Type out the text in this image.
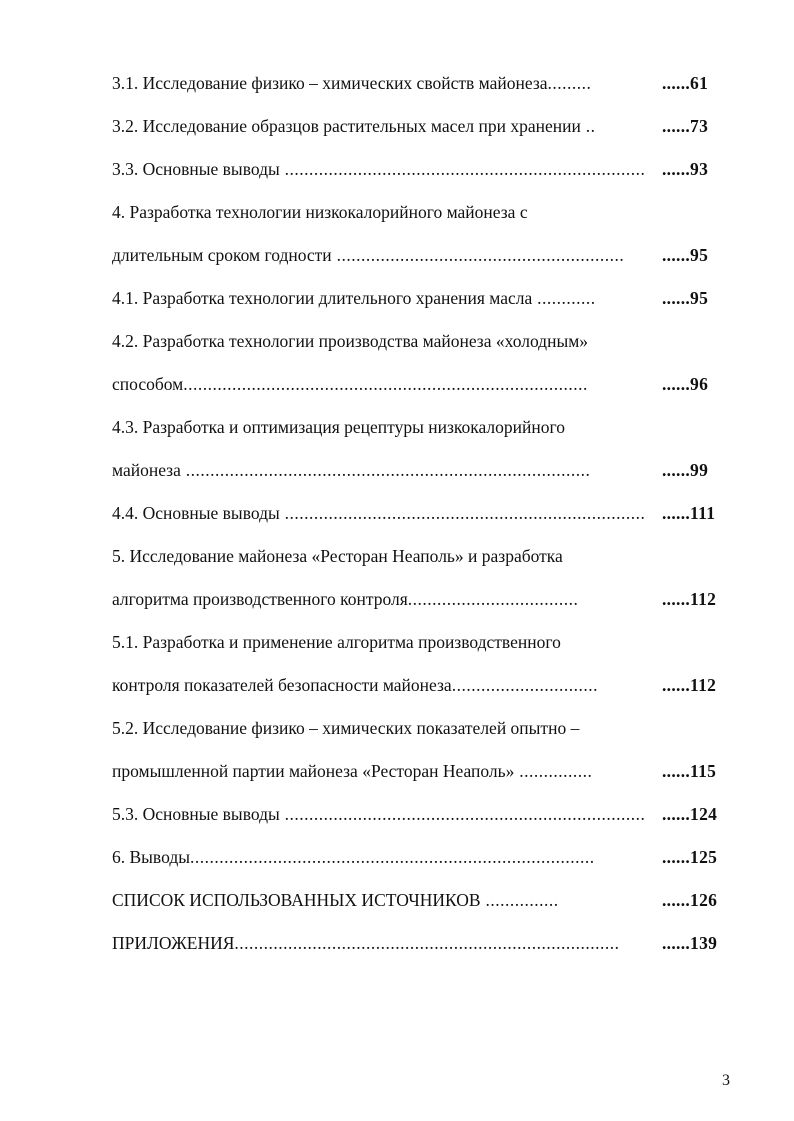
3.1. Исследование физико – химических свойств майонеза.........	......61
3.2. Исследование образцов растительных масел при хранении ..	......73
3.3. Основные выводы .......................................................................... ......93
4. Разработка технологии низкокалорийного майонеза с
длительным сроком годности ........................................................... ......95
4.1. Разработка технологии длительного хранения масла ............	......95
4.2. Разработка технологии производства майонеза «холодным»
способом...................................................................................	......96
4.3. Разработка и оптимизация рецептуры низкокалорийного
майонеза ...................................................................................	......99
4.4. Основные выводы .......................................................................... ......111
5. Исследование майонеза «Ресторан Неаполь» и разработка
алгоритма производственного контроля...................................	......112
5.1. Разработка и применение алгоритма производственного
контроля показателей безопасности майонеза..............................	......112
5.2. Исследование физико – химических показателей опытно –
промышленной партии майонеза «Ресторан Неаполь» ...............	......115
5.3. Основные выводы .......................................................................... ......124
6. Выводы...................................................................................	......125
СПИСОК ИСПОЛЬЗОВАННЫХ ИСТОЧНИКОВ ...............	......126
ПРИЛОЖЕНИЯ............................................................................... ......139
3
